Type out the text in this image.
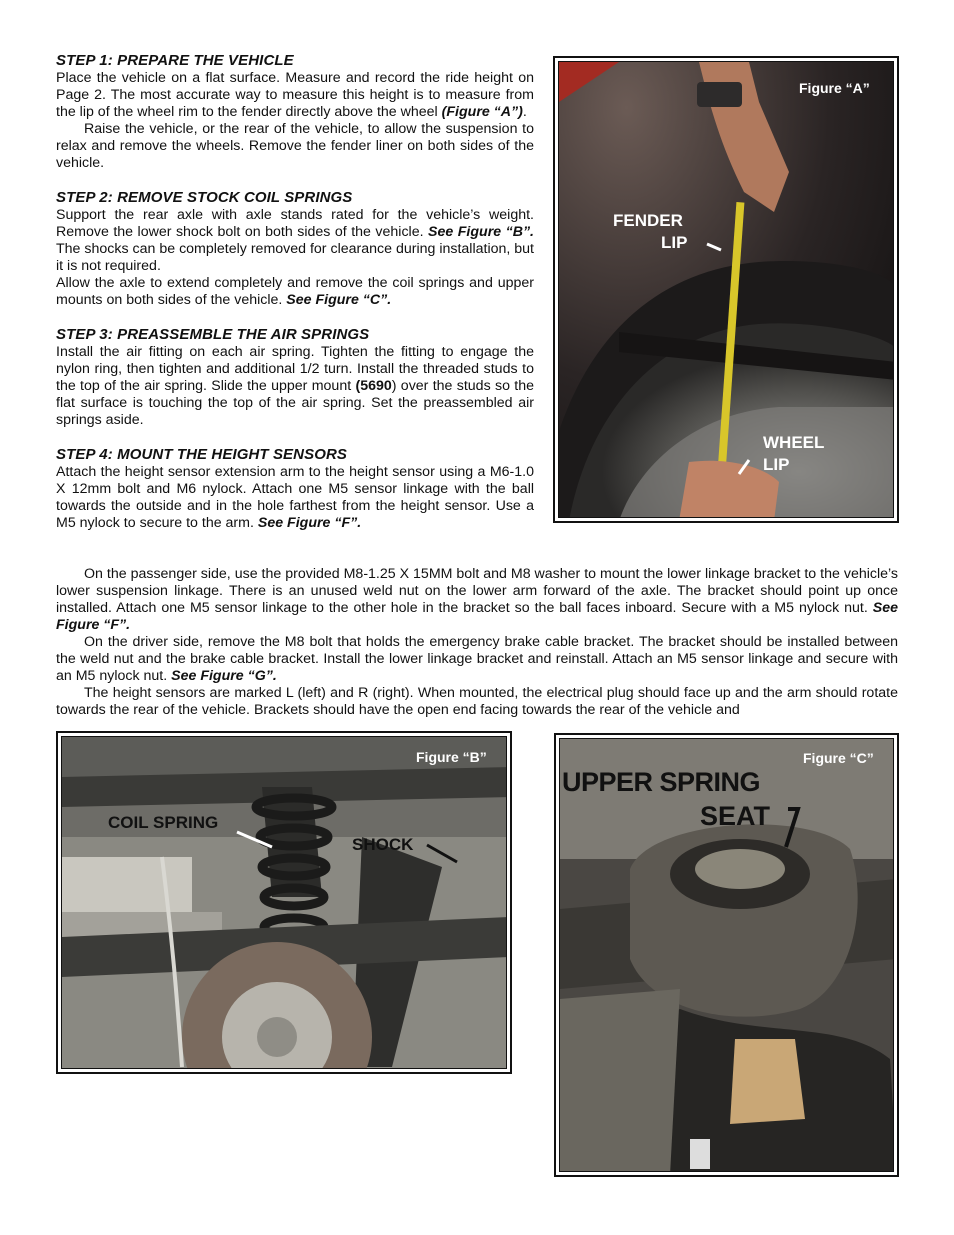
STEP 1: PREPARE THE VEHICLE

Place the vehicle on a flat surface. Measure and record the ride height on Page 2. The most accurate way to measure this height is to measure from the lip of the wheel rim to the fender directly above the wheel (Figure “A”).

Raise the vehicle, or the rear of the vehicle, to allow the suspension to relax and remove the wheels. Remove the fender liner on both sides of the vehicle.

STEP 2: REMOVE STOCK COIL SPRINGS

Support the rear axle with axle stands rated for the vehicle’s weight. Remove the lower shock bolt on both sides of the vehicle. See Figure “B”. The shocks can be completely removed for clearance during installation, but it is not required.

Allow the axle to extend completely and remove the coil springs and upper mounts on both sides of the vehicle. See Figure “C”.

STEP 3: PREASSEMBLE THE AIR SPRINGS

Install the air fitting on each air spring. Tighten the fitting to engage the nylon ring, then tighten and additional 1/2 turn. Install the threaded studs to the top of the air spring. Slide the upper mount (5690) over the studs so the flat surface is touching the top of the air spring. Set the preassembled air springs aside.

STEP 4: MOUNT THE HEIGHT SENSORS

Attach the height sensor extension arm to the height sensor using a M6-1.0 X 12mm bolt and M6 nylock. Attach one M5 sensor linkage with the ball towards the outside and in the hole farthest from the height sensor. Use a M5 nylock to secure to the arm. See Figure “F”.

On the passenger side, use the provided M8-1.25 X 15MM bolt and M8 washer to mount the lower linkage bracket to the vehicle’s lower suspension linkage. There is an unused weld nut on the lower arm forward of the axle. The bracket should point up once installed. Attach one M5 sensor linkage to the other hole in the bracket so the ball faces inboard. Secure with a M5 nylock nut. See Figure “F”.

On the driver side, remove the M8 bolt that holds the emergency brake cable bracket. The bracket should be installed between the weld nut and the brake cable bracket. Install the lower linkage bracket and reinstall. Attach an M5 sensor linkage and secure with an M5 nylock nut. See Figure “G”.

The height sensors are marked L (left) and R (right). When mounted, the electrical plug should face up and the arm should rotate towards the rear of the vehicle. Brackets should have the open end facing towards the rear of the vehicle and

Figure “A”
FENDER
LIP
WHEEL
LIP
Figure “B”
COIL SPRING
SHOCK
Figure “C”
UPPER SPRING
SEAT
